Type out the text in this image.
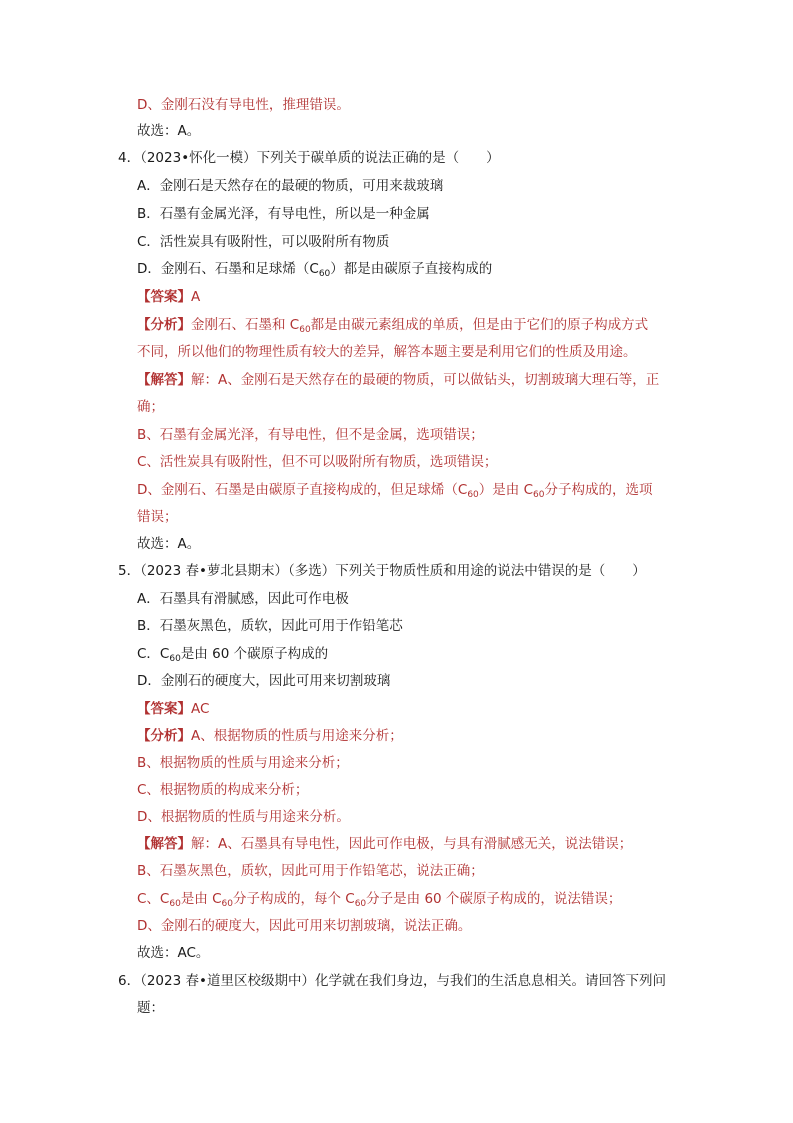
D、金刚石没有导电性，推理错误。
故选：A。
4．（2023•怀化一模）下列关于碳单质的说法正确的是（　　）
A．金刚石是天然存在的最硬的物质，可用来裁玻璃
B．石墨有金属光泽，有导电性，所以是一种金属
C．活性炭具有吸附性，可以吸附所有物质
D．金刚石、石墨和足球烯$(C_{60})$都是由碳原子直接构成的
【答案】A
【分析】金刚石、石墨和 $C_{60}$都是由碳元素组成的单质，但是由于它们的原子构成方式
不同，所以他们的物理性质有较大的差异，解答本题主要是利用它们的性质及用途。
【解答】解：A、金刚石是天然存在的最硬的物质，可以做钻头，切割玻璃大理石等，正
确；
B、石墨有金属光泽，有导电性，但不是金属，选项错误；
C、活性炭具有吸附性，但不可以吸附所有物质，选项错误；
D、金刚石、石墨是由碳原子直接构成的，但足球烯$(C_{60})$是由 $C_{60}$分子构成的，选项
错误；
故选：A。
5．（2023 春•萝北县期末）（多选）下列关于物质性质和用途的说法中错误的是（　　）
A．石墨具有滑腻感，因此可作电极
B．石墨灰黑色，质软，因此可用于作铅笔芯
C．$C_{60}$是由 60 个碳原子构成的
D．金刚石的硬度大，因此可用来切割玻璃
【答案】AC
【分析】A、根据物质的性质与用途来分析；
B、根据物质的性质与用途来分析；
C、根据物质的构成来分析；
D、根据物质的性质与用途来分析。
【解答】解：A、石墨具有导电性，因此可作电极，与具有滑腻感无关，说法错误；
B、石墨灰黑色，质软，因此可用于作铅笔芯，说法正确；
C、$C_{60}$是由 $C_{60}$分子构成的，每个 $C_{60}$分子是由 60 个碳原子构成的，说法错误；
D、金刚石的硬度大，因此可用来切割玻璃，说法正确。
故选：AC。
6．（2023 春•道里区校级期中）化学就在我们身边，与我们的生活息息相关。请回答下列问
题：
